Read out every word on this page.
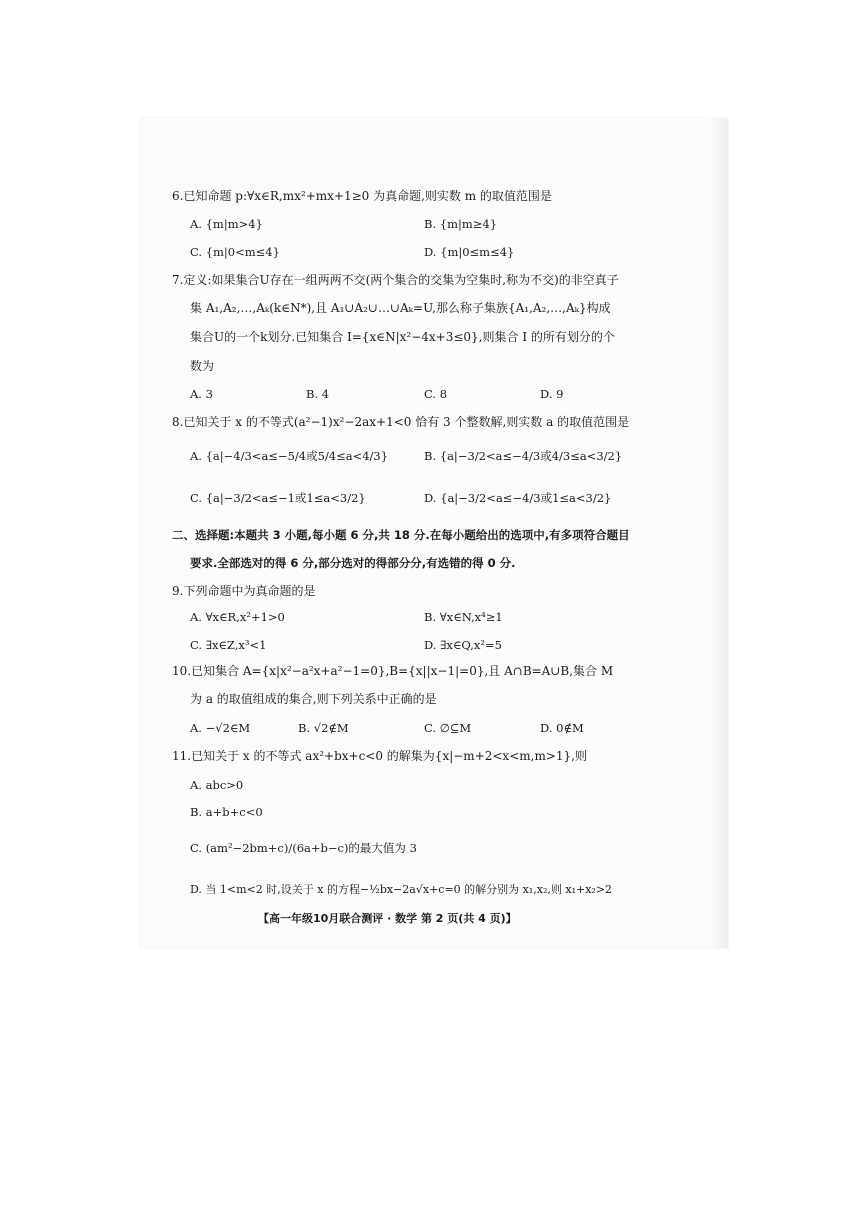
6.已知命题 p:∀x∈R,mx²+mx+1≥0 为真命题,则实数 m 的取值范围是
A. {m|m>4}	B. {m|m≥4}
C. {m|0<m≤4}	D. {m|0≤m≤4}
7.定义:如果集合U存在一组两两不交(两个集合的交集为空集时,称为不交)的非空真子
集 A₁,A₂,…,Aₖ(k∈N*),且 A₁∪A₂∪…∪Aₖ=U,那么称子集族{A₁,A₂,…,Aₖ}构成
集合U的一个k划分.已知集合 I={x∈N|x²−4x+3≤0},则集合 I 的所有划分的个
数为
A. 3	B. 4	C. 8	D. 9
8.已知关于 x 的不等式(a²−1)x²−2ax+1<0 恰有 3 个整数解,则实数 a 的取值范围是
A. {a|−4/3<a≤−5/4或5/4≤a<4/3}	B. {a|−3/2<a≤−4/3或4/3≤a<3/2}
C. {a|−3/2<a≤−1或1≤a<3/2}	D. {a|−3/2<a≤−4/3或1≤a<3/2}
二、选择题:本题共 3 小题,每小题 6 分,共 18 分.在每小题给出的选项中,有多项符合题目
要求.全部选对的得 6 分,部分选对的得部分分,有选错的得 0 分.
9.下列命题中为真命题的是
A. ∀x∈R,x²+1>0	B. ∀x∈N,x⁴≥1
C. ∃x∈Z,x³<1	D. ∃x∈Q,x²=5
10.已知集合 A={x|x²−a²x+a²−1=0},B={x||x−1|=0},且 A∩B=A∪B,集合 M
为 a 的取值组成的集合,则下列关系中正确的是
A. −√2∈M	B. √2∉M	C. ∅⊆M	D. 0∉M
11.已知关于 x 的不等式 ax²+bx+c<0 的解集为{x|−m+2<x<m,m>1},则
A. abc>0
B. a+b+c<0
C. (am²−2bm+c)/(6a+b−c)的最大值为 3
D. 当 1<m<2 时,设关于 x 的方程−½bx−2a√x+c=0 的解分别为 x₁,x₂,则 x₁+x₂>2
【高一年级10月联合测评 · 数学 第 2 页(共 4 页)】
